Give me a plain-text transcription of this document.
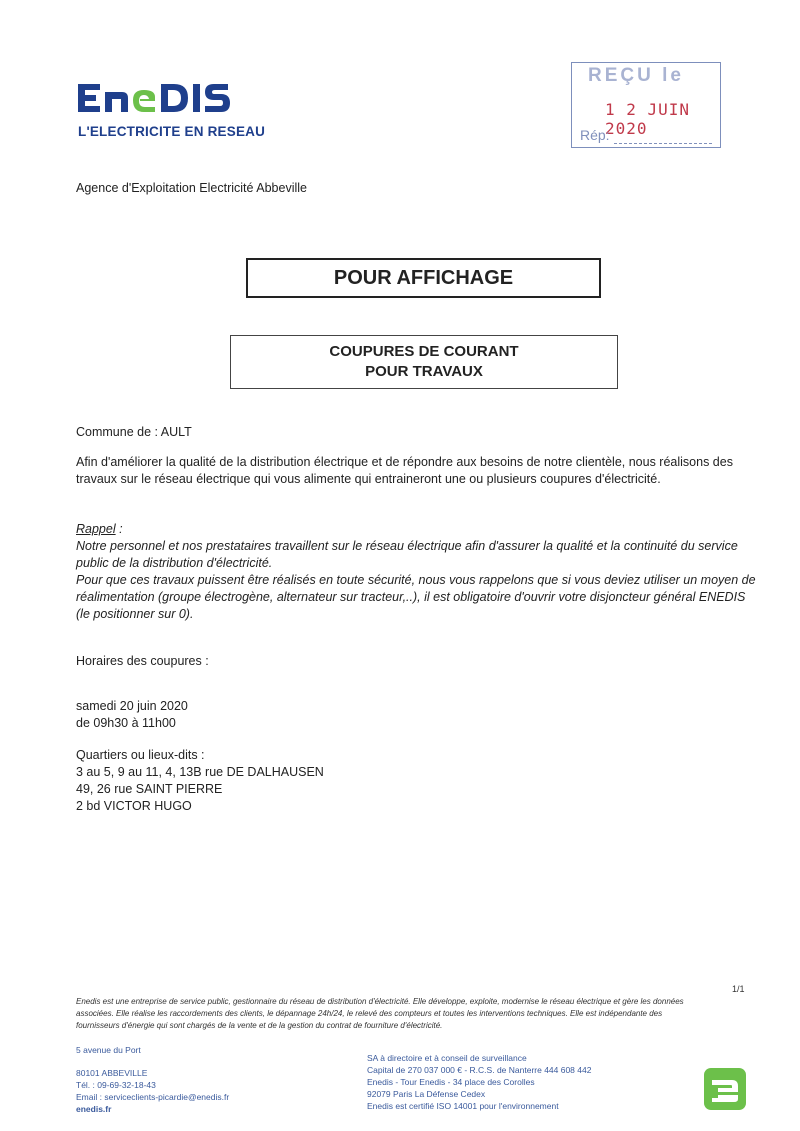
L'ELECTRICITE EN RESEAU
REÇU le
1 2 JUIN 2020
Rép:
Agence d'Exploitation Electricité Abbeville
POUR AFFICHAGE
COUPURES DE COURANT
POUR TRAVAUX
Commune de : AULT
Afin d'améliorer la qualité de la distribution électrique et de répondre aux besoins de notre clientèle, nous réalisons des
travaux sur le réseau électrique qui vous alimente qui entraineront une ou plusieurs coupures d'électricité.
Rappel :
Notre personnel et nos prestataires travaillent sur le réseau électrique afin d'assurer la qualité et la continuité du service
public de la distribution d'électricité.
Pour que ces travaux puissent être réalisés en toute sécurité, nous vous rappelons que si vous deviez utiliser un moyen de
réalimentation (groupe électrogène, alternateur sur tracteur,..), il est obligatoire d'ouvrir votre disjoncteur général ENEDIS
(le positionner sur 0).
Horaires des coupures :
samedi 20 juin 2020
de 09h30 à 11h00
Quartiers ou lieux-dits :
3 au 5, 9 au 11, 4, 13B rue DE DALHAUSEN
49, 26 rue SAINT PIERRE
2 bd VICTOR HUGO
1/1
Enedis est une entreprise de service public, gestionnaire du réseau de distribution d'électricité. Elle développe, exploite, modernise le réseau électrique et gère les données
associées. Elle réalise les raccordements des clients, le dépannage 24h/24, le relevé des compteurs et toutes les interventions techniques. Elle est indépendante des
fournisseurs d'énergie qui sont chargés de la vente et de la gestion du contrat de fourniture d'électricité.
5 avenue du Port
80101 ABBEVILLE
Tél. : 09-69-32-18-43
Email : serviceclients-picardie@enedis.fr
enedis.fr
SA à directoire et à conseil de surveillance
Capital de 270 037 000 € - R.C.S. de Nanterre 444 608 442
Enedis - Tour Enedis - 34 place des Corolles
92079 Paris La Défense Cedex
Enedis est certifié ISO 14001 pour l'environnement
